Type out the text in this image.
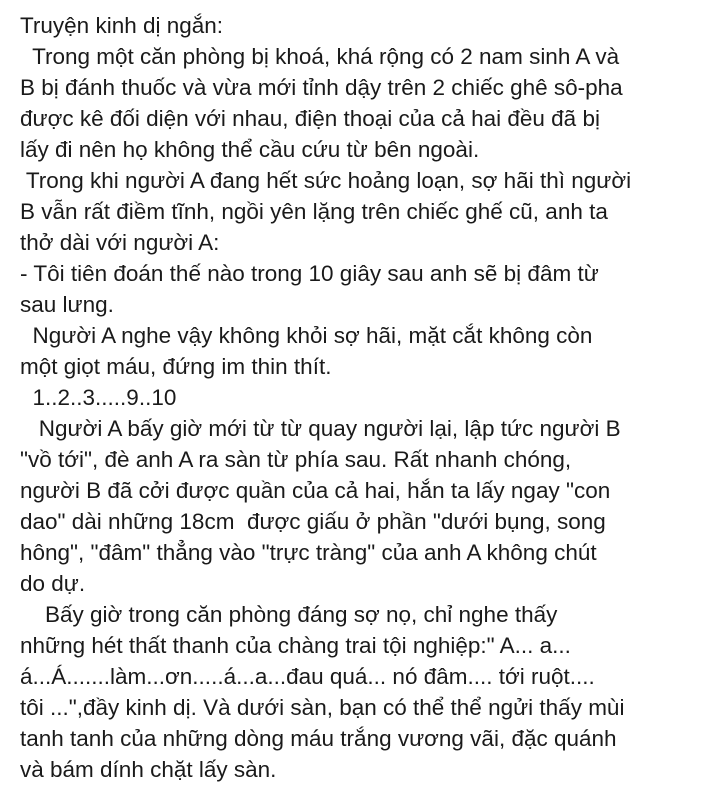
Truyện kinh dị ngắn:
Trong một căn phòng bị khoá, khá rộng có 2 nam sinh A và
B bị đánh thuốc và vừa mới tỉnh dậy trên 2 chiếc ghê sô-pha
được kê đối diện với nhau, điện thoại của cả hai đều đã bị
lấy đi nên họ không thể cầu cứu từ bên ngoài.
Trong khi người A đang hết sức hoảng loạn, sợ hãi thì người
B vẫn rất điềm tĩnh, ngồi yên lặng trên chiếc ghế cũ, anh ta
thở dài với người A:
- Tôi tiên đoán thế nào trong 10 giây sau anh sẽ bị đâm từ
sau lưng.
Người A nghe vậy không khỏi sợ hãi, mặt cắt không còn
một giọt máu, đứng im thin thít.
1..2..3.....9..10
Người A bấy giờ mới từ từ quay người lại, lập tức người B
"vồ tới", đè anh A ra sàn từ phía sau. Rất nhanh chóng,
người B đã cởi được quần của cả hai, hắn ta lấy ngay "con
dao" dài những 18cm  được giấu ở phần "dưới bụng, song
hông", "đâm" thẳng vào "trực tràng" của anh A không chút
do dự.
Bấy giờ trong căn phòng đáng sợ nọ, chỉ nghe thấy
những hét thất thanh của chàng trai tội nghiệp:" A... a...
á...Á.......làm...ơn.....á...a...đau quá... nó đâm.... tới ruột....
tôi ...",đầy kinh dị. Và dưới sàn, bạn có thể thể ngửi thấy mùi
tanh tanh của những dòng máu trắng vương vãi, đặc quánh
và bám dính chặt lấy sàn.
